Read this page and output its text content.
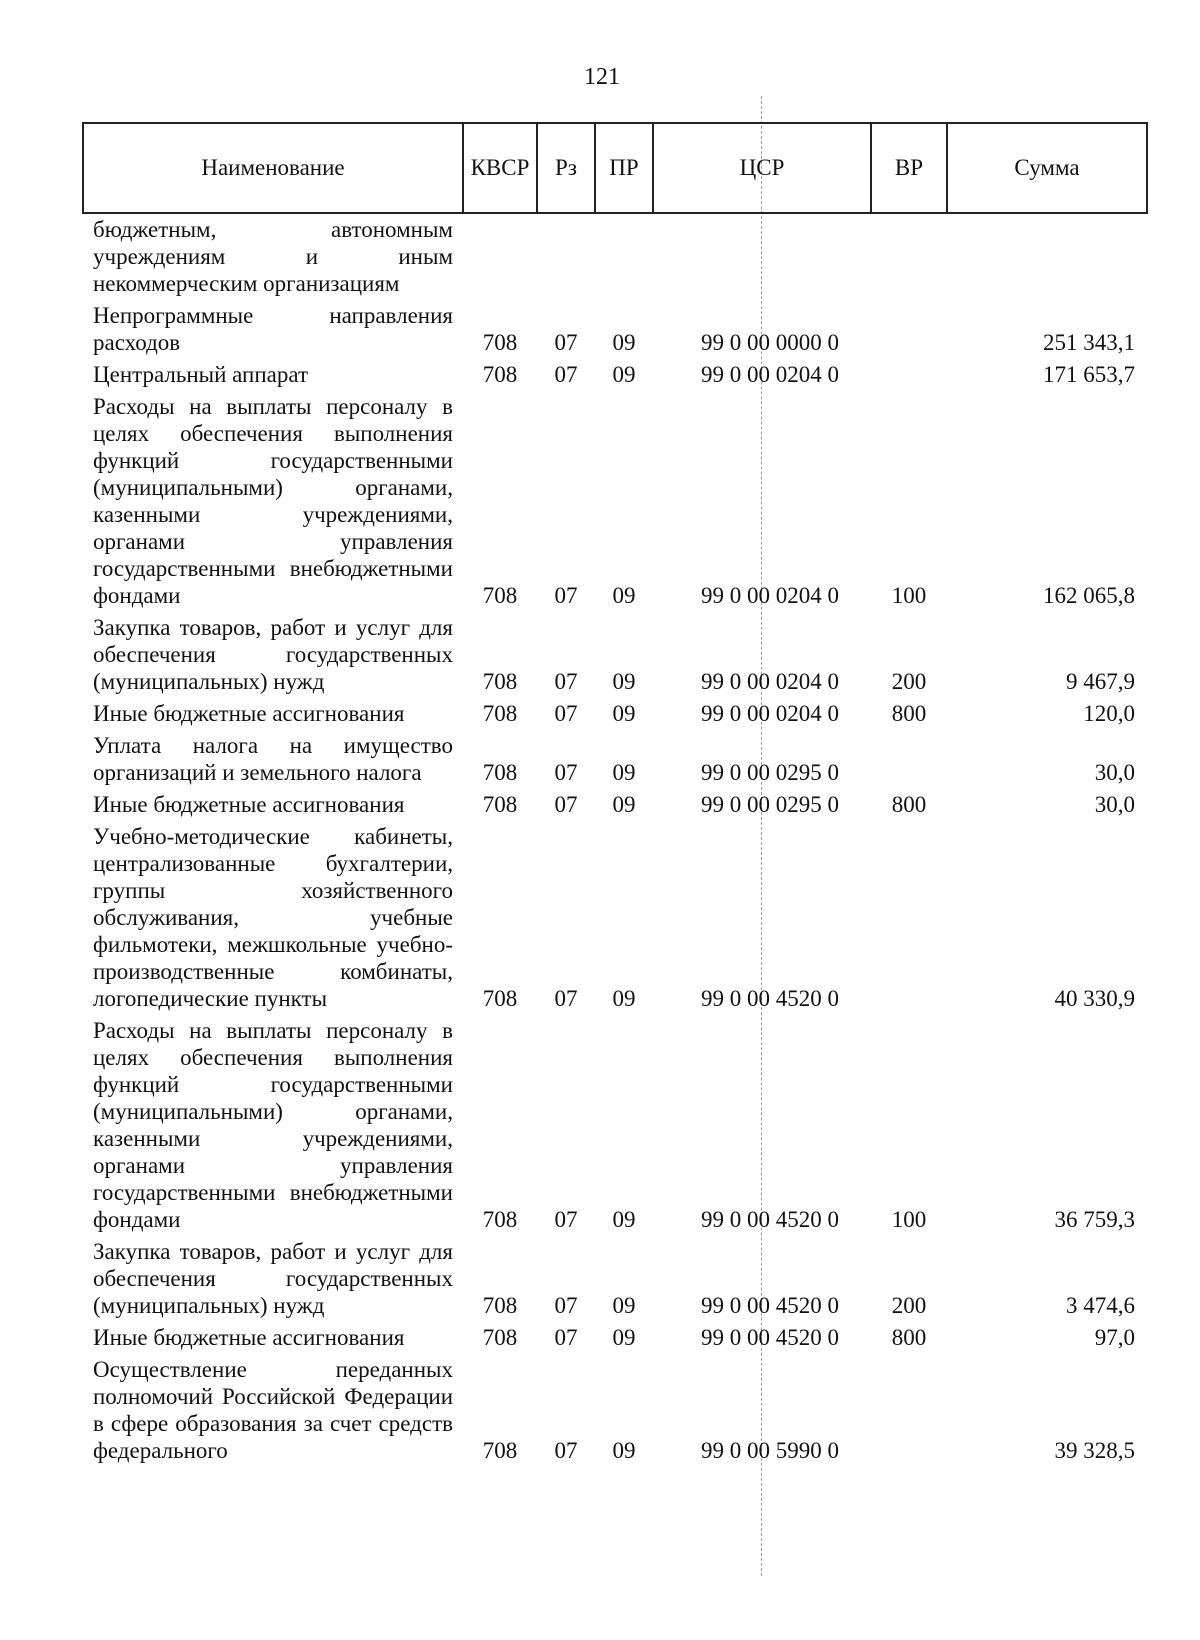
121
Наименование	КВСР	Рз	ПР	ЦСР	ВР	Сумма
бюджетным, автономным учреждениям и иным некоммерческим организациям						
Непрограммные направления расходов	708	07	09	99 0 00 0000 0		251 343,1
Центральный аппарат	708	07	09	99 0 00 0204 0		171 653,7
Расходы на выплаты персоналу в целях обеспечения выполнения функций государственными (муниципальными) органами, казенными учреждениями, органами управления государственными внебюджетными фондами	708	07	09	99 0 00 0204 0	100	162 065,8
Закупка товаров, работ и услуг для обеспечения государственных (муниципальных) нужд	708	07	09	99 0 00 0204 0	200	9 467,9
Иные бюджетные ассигнования	708	07	09	99 0 00 0204 0	800	120,0
Уплата налога на имущество организаций и земельного налога	708	07	09	99 0 00 0295 0		30,0
Иные бюджетные ассигнования	708	07	09	99 0 00 0295 0	800	30,0
Учебно-методические кабинеты, централизованные бухгалтерии, группы хозяйственного обслуживания, учебные фильмотеки, межшкольные учебно-производственные комбинаты, логопедические пункты	708	07	09	99 0 00 4520 0		40 330,9
Расходы на выплаты персоналу в целях обеспечения выполнения функций государственными (муниципальными) органами, казенными учреждениями, органами управления государственными внебюджетными фондами	708	07	09	99 0 00 4520 0	100	36 759,3
Закупка товаров, работ и услуг для обеспечения государственных (муниципальных) нужд	708	07	09	99 0 00 4520 0	200	3 474,6
Иные бюджетные ассигнования	708	07	09	99 0 00 4520 0	800	97,0
Осуществление переданных полномочий Российской Федерации в сфере образования за счет средств федерального	708	07	09	99 0 00 5990 0		39 328,5
